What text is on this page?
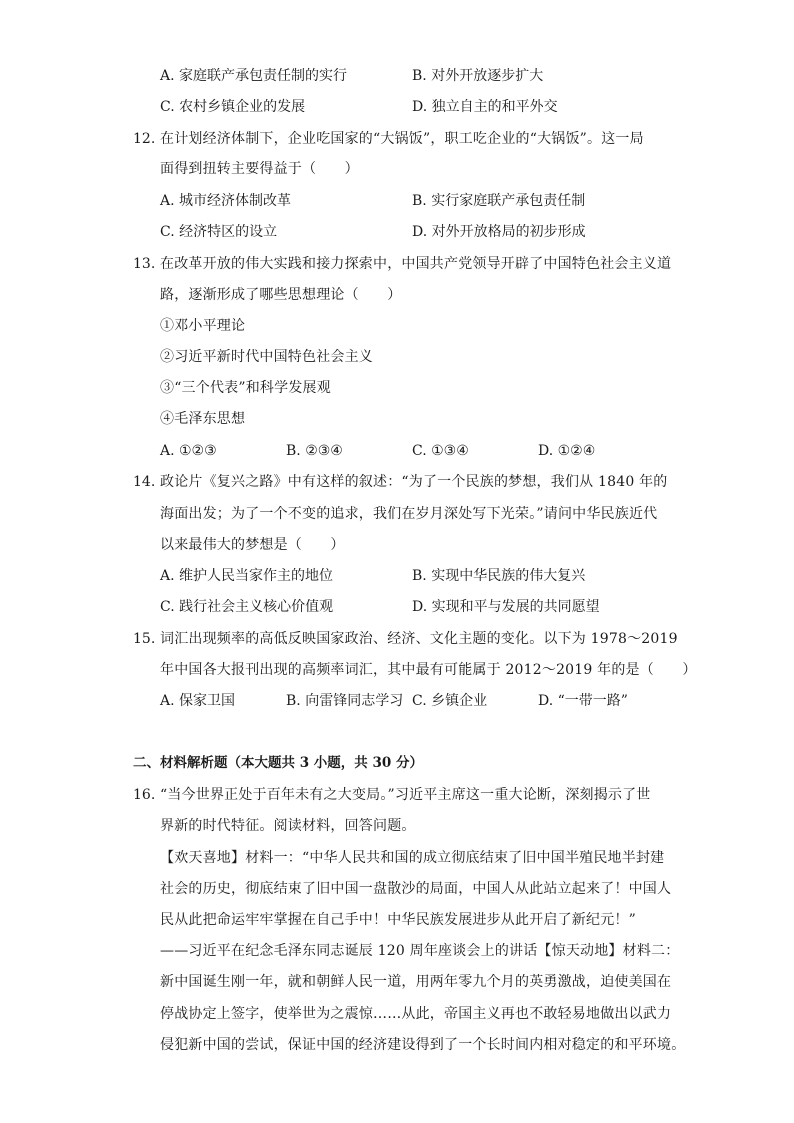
A. 家庭联产承包责任制的实行	B. 对外开放逐步扩大
C. 农村乡镇企业的发展	D. 独立自主的和平外交
12. 在计划经济体制下，企业吃国家的“大锅饭”，职工吃企业的“大锅饭”。这一局
面得到扭转主要得益于（　　）
A. 城市经济体制改革	B. 实行家庭联产承包责任制
C. 经济特区的设立	D. 对外开放格局的初步形成
13. 在改革开放的伟大实践和接力探索中，中国共产党领导开辟了中国特色社会主义道
路，逐渐形成了哪些思想理论（　　）
①邓小平理论
②习近平新时代中国特色社会主义
③“三个代表”和科学发展观
④毛泽东思想
A. ①②③	B. ②③④	C. ①③④	D. ①②④
14. 政论片《复兴之路》中有这样的叙述：“为了一个民族的梦想，我们从 1840 年的
海面出发；为了一个不变的追求，我们在岁月深处写下光荣。”请问中华民族近代
以来最伟大的梦想是（　　）
A. 维护人民当家作主的地位	B. 实现中华民族的伟大复兴
C. 践行社会主义核心价值观	D. 实现和平与发展的共同愿望
15. 词汇出现频率的高低反映国家政治、经济、文化主题的变化。以下为 1978～2019
年中国各大报刊出现的高频率词汇，其中最有可能属于 2012～2019 年的是（　　）
A. 保家卫国	B. 向雷锋同志学习 C. 乡镇企业	D. “一带一路”
二、材料解析题（本大题共 3 小题，共 30 分）
16. “当今世界正处于百年未有之大变局。”习近平主席这一重大论断，深刻揭示了世
界新的时代特征。阅读材料，回答问题。
【欢天喜地】材料一：“中华人民共和国的成立彻底结束了旧中国半殖民地半封建
社会的历史，彻底结束了旧中国一盘散沙的局面，中国人从此站立起来了！中国人
民从此把命运牢牢掌握在自己手中！中华民族发展进步从此开启了新纪元！”
——习近平在纪念毛泽东同志诞辰 120 周年座谈会上的讲话【惊天动地】材料二：
新中国诞生刚一年，就和朝鲜人民一道，用两年零九个月的英勇激战，迫使美国在
停战协定上签字，使举世为之震惊……从此，帝国主义再也不敢轻易地做出以武力
侵犯新中国的尝试，保证中国的经济建设得到了一个长时间内相对稳定的和平环境。
